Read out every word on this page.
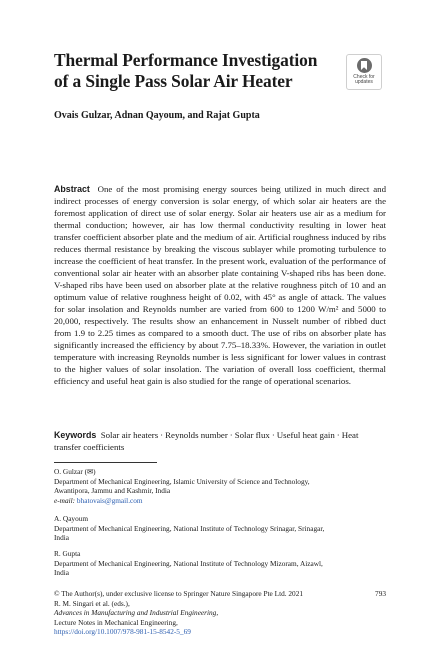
Thermal Performance Investigation
of a Single Pass Solar Air Heater	Check for
updates

Ovais Gulzar, Adnan Qayoum, and Rajat Gupta

Abstract One of the most promising energy sources being utilized in much direct and indirect processes of energy conversion is solar energy, of which solar air heaters are the foremost application of direct use of solar energy. Solar air heaters use air as a medium for thermal conduction; however, air has low thermal conductivity resulting in lower heat transfer coefficient absorber plate and the medium of air. Artificial roughness induced by ribs reduces thermal resistance by breaking the viscous sublayer while promoting turbulence to increase the coefficient of heat transfer. In the present work, evaluation of the performance of conventional solar air heater with an absorber plate containing V-shaped ribs has been done. V-shaped ribs have been used on absorber plate at the relative roughness pitch of 10 and an optimum value of relative roughness height of 0.02, with 45° as angle of attack. The values for solar insolation and Reynolds number are varied from 600 to 1200 W/m² and 5000 to 20,000, respectively. The results show an enhancement in Nusselt number of ribbed duct from 1.9 to 2.25 times as compared to a smooth duct. The use of ribs on absorber plate has significantly increased the efficiency by about 7.75–18.33%. However, the variation in outlet temperature with increasing Reynolds number is less significant for lower values in contrast to the higher values of solar insolation. The variation of overall loss coefficient, thermal efficiency and useful heat gain is also studied for the range of operational scenarios.

Keywords Solar air heaters · Reynolds number · Solar flux · Useful heat gain · Heat transfer coefficients

O. Gulzar (✉)
Department of Mechanical Engineering, Islamic University of Science and Technology,
Awantipora, Jammu and Kashmir, India
e-mail: bhatovais@gmail.com

A. Qayoum
Department of Mechanical Engineering, National Institute of Technology Srinagar, Srinagar,
India

R. Gupta
Department of Mechanical Engineering, National Institute of Technology Mizoram, Aizawl,
India

793
© The Author(s), under exclusive license to Springer Nature Singapore Pte Ltd. 2021
R. M. Singari et al. (eds.),
Advances in Manufacturing and Industrial Engineering,
Lecture Notes in Mechanical Engineering,
https://doi.org/10.1007/978-981-15-8542-5_69
